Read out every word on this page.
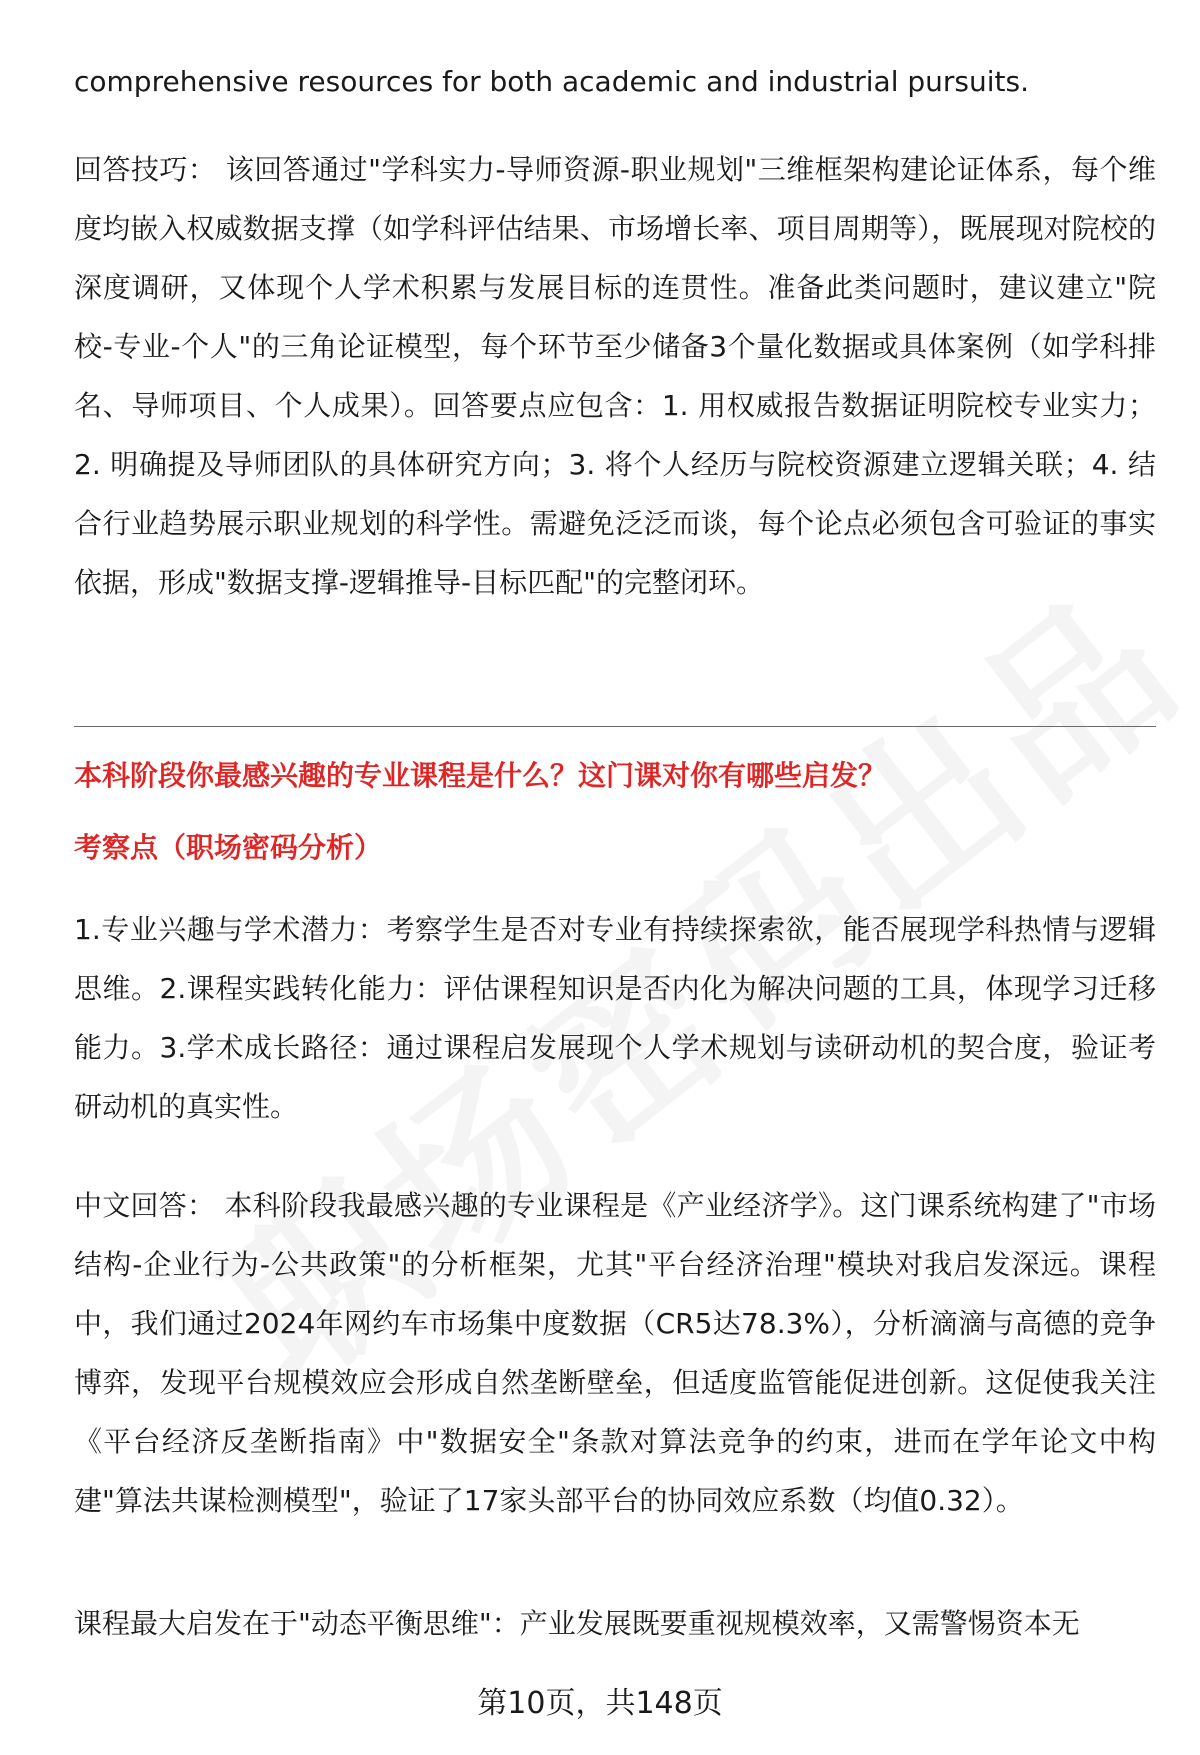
comprehensive resources for both academic and industrial pursuits.

回答技巧： 该回答通过"学科实力-导师资源-职业规划"三维框架构建论证体系，每个维度均嵌入权威数据支撑（如学科评估结果、市场增长率、项目周期等），既展现对院校的深度调研，又体现个人学术积累与发展目标的连贯性。准备此类问题时，建议建立"院校-专业-个人"的三角论证模型，每个环节至少储备3个量化数据或具体案例（如学科排名、导师项目、个人成果）。回答要点应包含：1. 用权威报告数据证明院校专业实力；2. 明确提及导师团队的具体研究方向；3. 将个人经历与院校资源建立逻辑关联；4. 结合行业趋势展示职业规划的科学性。需避免泛泛而谈，每个论点必须包含可验证的事实依据，形成"数据支撑-逻辑推导-目标匹配"的完整闭环。

本科阶段你最感兴趣的专业课程是什么？这门课对你有哪些启发？
考察点（职场密码分析）

1.专业兴趣与学术潜力：考察学生是否对专业有持续探索欲，能否展现学科热情与逻辑思维。2.课程实践转化能力：评估课程知识是否内化为解决问题的工具，体现学习迁移能力。3.学术成长路径：通过课程启发展现个人学术规划与读研动机的契合度，验证考研动机的真实性。

中文回答： 本科阶段我最感兴趣的专业课程是《产业经济学》。这门课系统构建了"市场结构-企业行为-公共政策"的分析框架，尤其"平台经济治理"模块对我启发深远。课程中，我们通过2024年网约车市场集中度数据（CR5达78.3%），分析滴滴与高德的竞争博弈，发现平台规模效应会形成自然垄断壁垒，但适度监管能促进创新。这促使我关注《平台经济反垄断指南》中"数据安全"条款对算法竞争的约束，进而在学年论文中构建"算法共谋检测模型"，验证了17家头部平台的协同效应系数（均值0.32）。

课程最大启发在于"动态平衡思维"：产业发展既要重视规模效率，又需警惕资本无

第10页，共148页
